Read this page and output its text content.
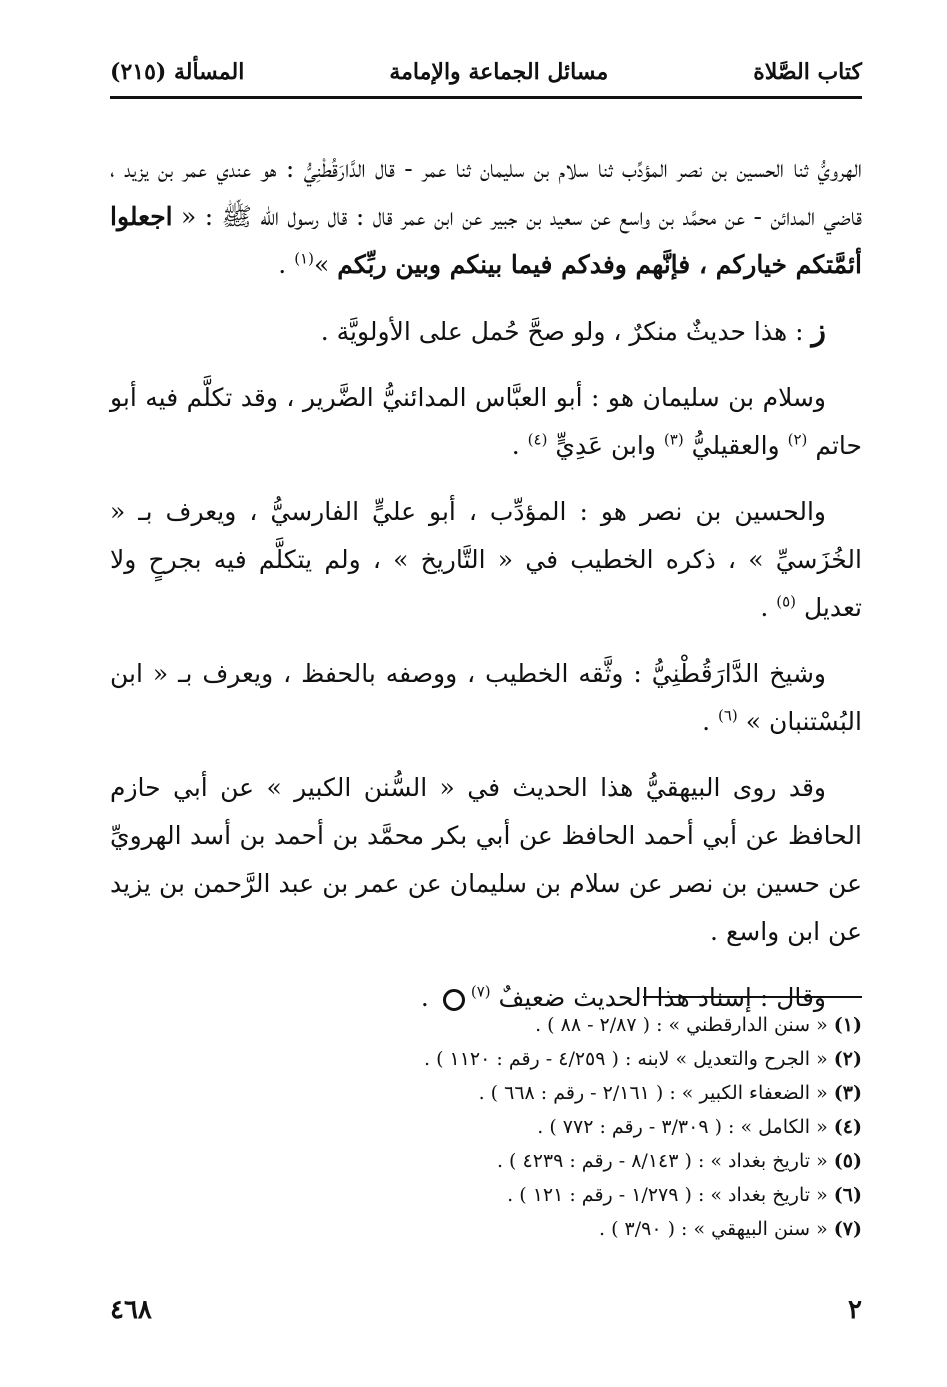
كتاب الصَّلاة
مسائل الجماعة والإمامة
المسألة (٢١٥)

الهرويُّ ثنا الحسين بن نصر المؤدِّب ثنا سلام بن سليمان ثنا عمر - قال الدَّارَقُطْنِيُّ : هو عندي عمر بن يزيد ، قاضي المدائن - عن محمَّد بن واسع عن سعيد بن جبير عن ابن عمر قال : قال رسول الله ﷺ : « اجعلوا أئمَّتكم خياركم ، فإنَّهم وفدكم فيما بينكم وبين ربِّكم »$^{(١)}$ .

ز : هذا حديثٌ منكرٌ ، ولو صحَّ حُمل على الأولويَّة .

وسلام بن سليمان هو : أبو العبَّاس المدائنيُّ الضَّرير ، وقد تكلَّم فيه أبو حاتم $^{(٢)}$ والعقيليُّ $^{(٣)}$ وابن عَدِيٍّ $^{(٤)}$ .

والحسين بن نصر هو : المؤدِّب ، أبو عليٍّ الفارسيُّ ، ويعرف بـ « الخُزَسيِّ » ، ذكره الخطيب في « التَّاريخ » ، ولم يتكلَّم فيه بجرحٍ ولا تعديل $^{(٥)}$ .

وشيخ الدَّارَقُطْنِيُّ : وثَّقه الخطيب ، ووصفه بالحفظ ، ويعرف بـ « ابن البُسْتنبان » $^{(٦)}$ .

وقد روى البيهقيُّ هذا الحديث في « السُّنن الكبير » عن أبي حازم الحافظ عن أبي أحمد الحافظ عن أبي بكر محمَّد بن أحمد بن أسد الهرويِّ عن حسين بن نصر عن سلام بن سليمان عن عمر بن عبد الرَّحمن بن يزيد عن ابن واسع .

وقال : إسناد هذا الحديث ضعيفٌ $^{(٧)}$ .

(١) « سنن الدارقطني » : ( ٢/٨٧ - ٨٨ ) .
(٢) « الجرح والتعديل » لابنه : ( ٤/٢٥٩ - رقم : ١١٢٠ ) .
(٣) « الضعفاء الكبير » : ( ٢/١٦١ - رقم : ٦٦٨ ) .
(٤) « الكامل » : ( ٣/٣٠٩ - رقم : ٧٧٢ ) .
(٥) « تاريخ بغداد » : ( ٨/١٤٣ - رقم : ٤٢٣٩ ) .
(٦) « تاريخ بغداد » : ( ١/٢٧٩ - رقم : ١٢١ ) .
(٧) « سنن البيهقي » : ( ٣/٩٠ ) .
٢
٤٦٨
